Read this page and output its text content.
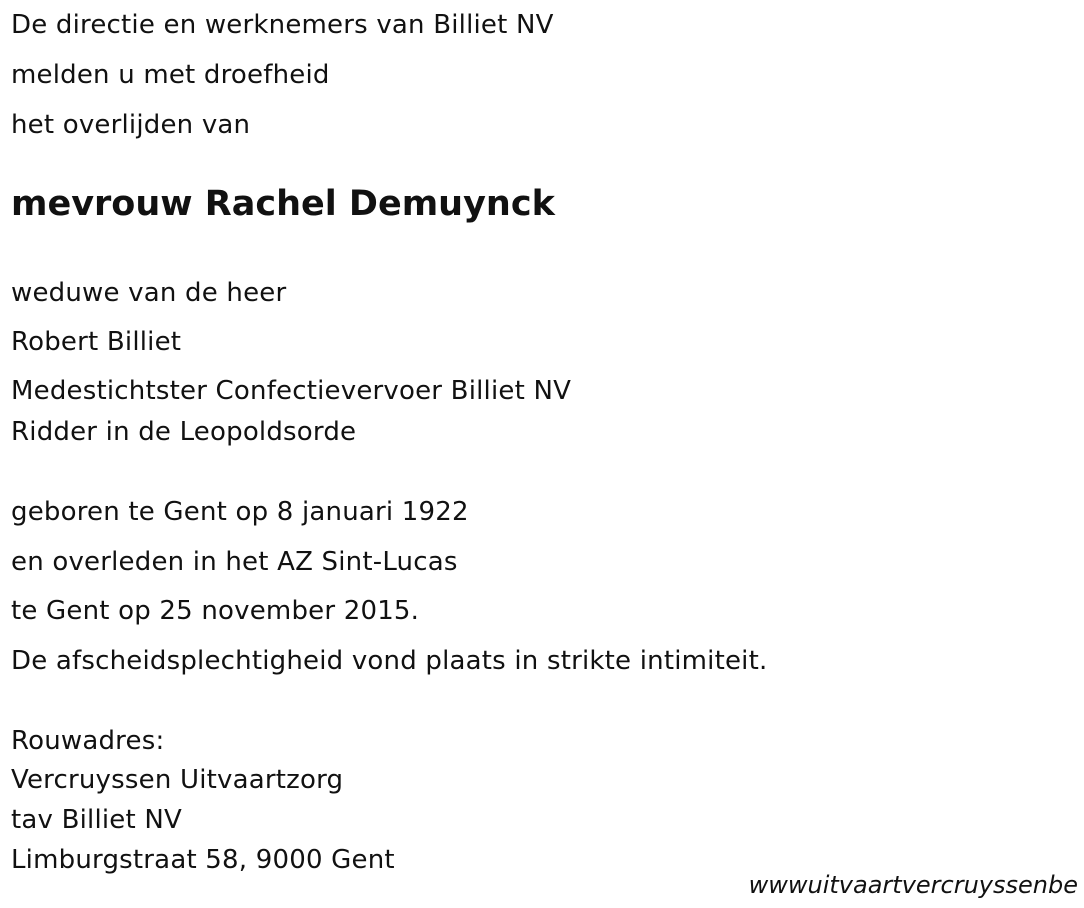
De directie en werknemers van Billiet NV
melden u met droefheid
het overlijden van
mevrouw Rachel Demuynck
weduwe van de heer
Robert Billiet
Medestichtster Confectievervoer Billiet NV
Ridder in de Leopoldsorde
geboren te Gent op 8 januari 1922
en overleden in het AZ Sint-Lucas
te Gent op 25 november 2015.
De afscheidsplechtigheid vond plaats in strikte intimiteit.
Rouwadres:
Vercruyssen Uitvaartzorg
tav Billiet NV
Limburgstraat 58, 9000 Gent
wwwuitvaartvercruyssenbe
